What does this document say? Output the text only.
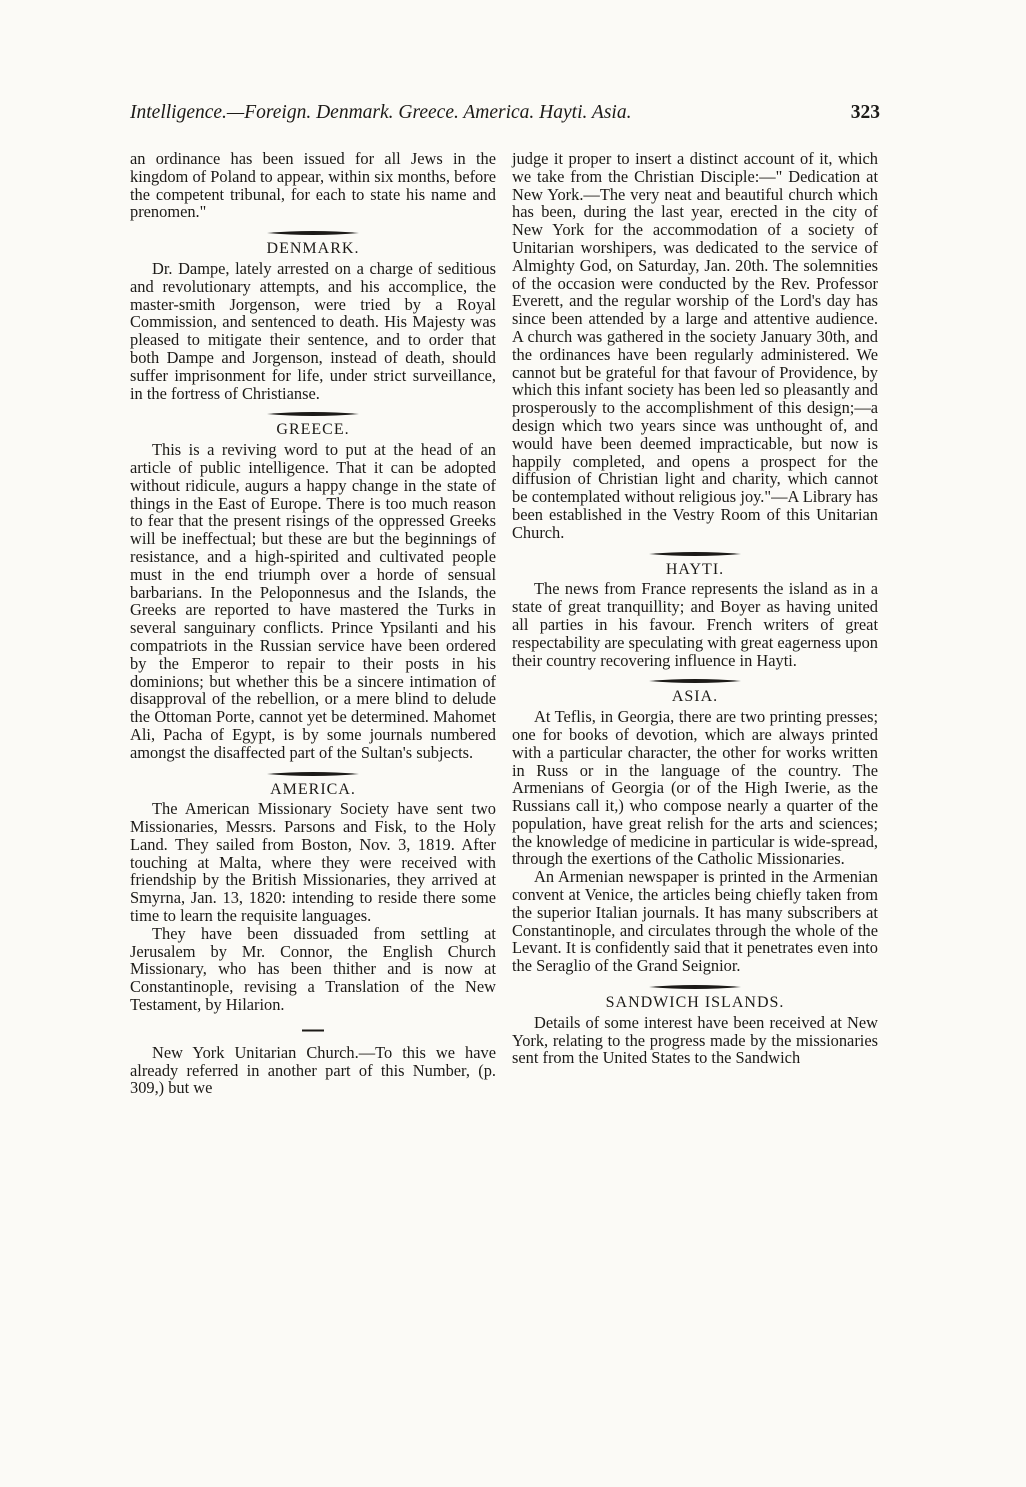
Intelligence.—Foreign. Denmark. Greece. America. Hayti. Asia.	323

an ordinance has been issued for all Jews in the kingdom of Poland to appear, within six months, before the competent tribunal, for each to state his name and prenomen."

DENMARK.

Dr. Dampe, lately arrested on a charge of seditious and revolutionary attempts, and his accomplice, the master-smith Jorgenson, were tried by a Royal Commission, and sentenced to death. His Majesty was pleased to mitigate their sentence, and to order that both Dampe and Jorgenson, instead of death, should suffer imprisonment for life, under strict surveillance, in the fortress of Christianse.

GREECE.

This is a reviving word to put at the head of an article of public intelligence. That it can be adopted without ridicule, augurs a happy change in the state of things in the East of Europe. There is too much reason to fear that the present risings of the oppressed Greeks will be ineffectual; but these are but the beginnings of resistance, and a high-spirited and cultivated people must in the end triumph over a horde of sensual barbarians. In the Peloponnesus and the Islands, the Greeks are reported to have mastered the Turks in several sanguinary conflicts. Prince Ypsilanti and his compatriots in the Russian service have been ordered by the Emperor to repair to their posts in his dominions; but whether this be a sincere intimation of disapproval of the rebellion, or a mere blind to delude the Ottoman Porte, cannot yet be determined. Mahomet Ali, Pacha of Egypt, is by some journals numbered amongst the disaffected part of the Sultan's subjects.

AMERICA.

The American Missionary Society have sent two Missionaries, Messrs. Parsons and Fisk, to the Holy Land. They sailed from Boston, Nov. 3, 1819. After touching at Malta, where they were received with friendship by the British Missionaries, they arrived at Smyrna, Jan. 13, 1820: intending to reside there some time to learn the requisite languages.

They have been dissuaded from settling at Jerusalem by Mr. Connor, the English Church Missionary, who has been thither and is now at Constantinople, revising a Translation of the New Testament, by Hilarion.

New York Unitarian Church.—To this we have already referred in another part of this Number, (p. 309,) but we

judge it proper to insert a distinct account of it, which we take from the Christian Disciple:—" Dedication at New York.—The very neat and beautiful church which has been, during the last year, erected in the city of New York for the accommodation of a society of Unitarian worshipers, was dedicated to the service of Almighty God, on Saturday, Jan. 20th. The solemnities of the occasion were conducted by the Rev. Professor Everett, and the regular worship of the Lord's day has since been attended by a large and attentive audience. A church was gathered in the society January 30th, and the ordinances have been regularly administered. We cannot but be grateful for that favour of Providence, by which this infant society has been led so pleasantly and prosperously to the accomplishment of this design;—a design which two years since was unthought of, and would have been deemed impracticable, but now is happily completed, and opens a prospect for the diffusion of Christian light and charity, which cannot be contemplated without religious joy."—A Library has been established in the Vestry Room of this Unitarian Church.

HAYTI.

The news from France represents the island as in a state of great tranquillity; and Boyer as having united all parties in his favour. French writers of great respectability are speculating with great eagerness upon their country recovering influence in Hayti.

ASIA.

At Teflis, in Georgia, there are two printing presses; one for books of devotion, which are always printed with a particular character, the other for works written in Russ or in the language of the country. The Armenians of Georgia (or of the High Iwerie, as the Russians call it,) who compose nearly a quarter of the population, have great relish for the arts and sciences; the knowledge of medicine in particular is wide-spread, through the exertions of the Catholic Missionaries.

An Armenian newspaper is printed in the Armenian convent at Venice, the articles being chiefly taken from the superior Italian journals. It has many subscribers at Constantinople, and circulates through the whole of the Levant. It is confidently said that it penetrates even into the Seraglio of the Grand Seignior.

SANDWICH ISLANDS.

Details of some interest have been received at New York, relating to the progress made by the missionaries sent from the United States to the Sandwich
